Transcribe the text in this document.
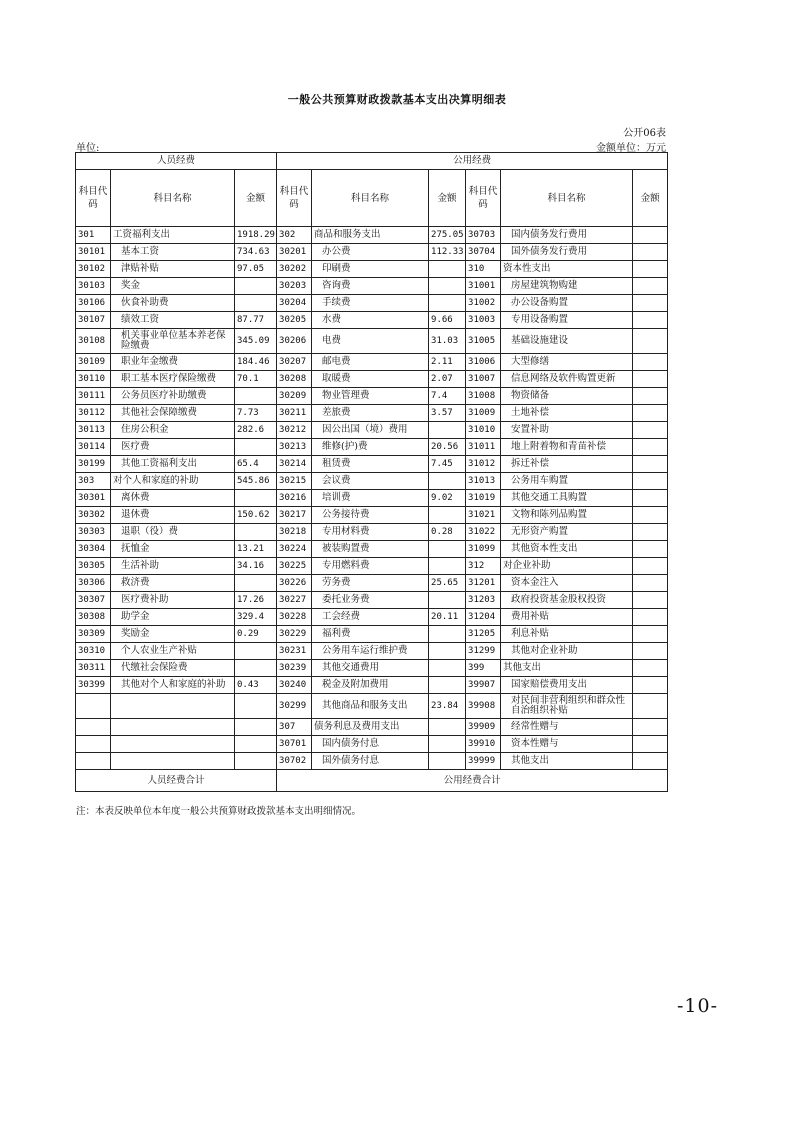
一般公共预算财政拨款基本支出决算明细表
公开06表
单位:	金额单位：万元
人员经费			公用经费					
科目代码	科目名称	金额	科目代码	科目名称	金额	科目代码	科目名称	金额
301	工资福利支出	1918.29	302	商品和服务支出	275.05	30703	国内债务发行费用	
30101	基本工资	734.63	30201	办公费	112.33	30704	国外债务发行费用	
30102	津贴补贴	97.05	30202	印刷费		310	资本性支出	
30103	奖金		30203	咨询费		31001	房屋建筑物购建	
30106	伙食补助费		30204	手续费		31002	办公设备购置	
30107	绩效工资	87.77	30205	水费	9.66	31003	专用设备购置	
30108	机关事业单位基本养老保险缴费	345.09	30206	电费	31.03	31005	基础设施建设	
30109	职业年金缴费	184.46	30207	邮电费	2.11	31006	大型修缮	
30110	职工基本医疗保险缴费	70.1	30208	取暖费	2.07	31007	信息网络及软件购置更新	
30111	公务员医疗补助缴费		30209	物业管理费	7.4	31008	物资储备	
30112	其他社会保障缴费	7.73	30211	差旅费	3.57	31009	土地补偿	
30113	住房公积金	282.6	30212	因公出国（境）费用		31010	安置补助	
30114	医疗费		30213	维修(护)费	20.56	31011	地上附着物和青苗补偿	
30199	其他工资福利支出	65.4	30214	租赁费	7.45	31012	拆迁补偿	
303	对个人和家庭的补助	545.86	30215	会议费		31013	公务用车购置	
30301	离休费		30216	培训费	9.02	31019	其他交通工具购置	
30302	退休费	150.62	30217	公务接待费		31021	文物和陈列品购置	
30303	退职（役）费		30218	专用材料费	0.28	31022	无形资产购置	
30304	抚恤金	13.21	30224	被装购置费		31099	其他资本性支出	
30305	生活补助	34.16	30225	专用燃料费		312	对企业补助	
30306	救济费		30226	劳务费	25.65	31201	资本金注入	
30307	医疗费补助	17.26	30227	委托业务费		31203	政府投资基金股权投资	
30308	助学金	329.4	30228	工会经费	20.11	31204	费用补贴	
30309	奖励金	0.29	30229	福利费		31205	利息补贴	
30310	个人农业生产补贴		30231	公务用车运行维护费		31299	其他对企业补助	
30311	代缴社会保险费		30239	其他交通费用		399	其他支出	
30399	其他对个人和家庭的补助	0.43	30240	税金及附加费用		39907	国家赔偿费用支出	
			30299	其他商品和服务支出	23.84	39908	对民间非营利组织和群众性自治组织补贴	
			307	债务利息及费用支出		39909	经常性赠与	
			30701	国内债务付息		39910	资本性赠与	
			30702	国外债务付息		39999	其他支出	
人员经费合计			公用经费合计					
注：本表反映单位本年度一般公共预算财政拨款基本支出明细情况。
-10-
